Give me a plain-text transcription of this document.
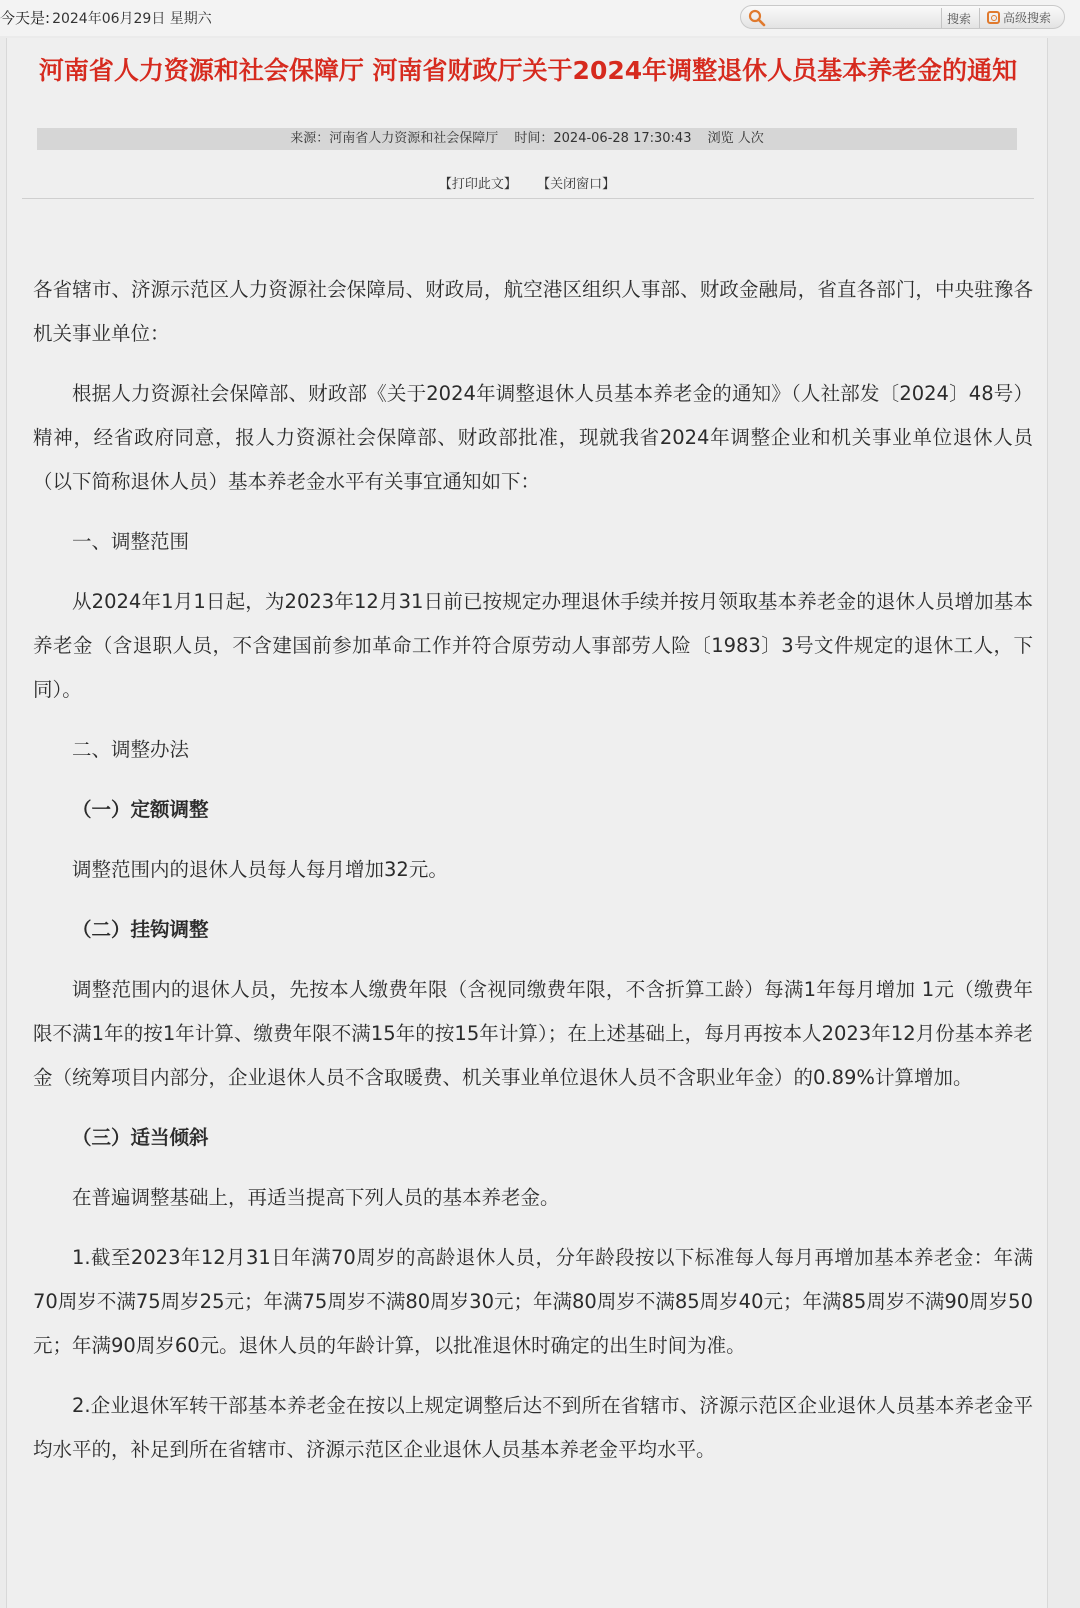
今天是: 2024年06月29日 星期六	搜索	高级搜索
河南省人力资源和社会保障厅 河南省财政厅关于2024年调整退休人员基本养老金的通知
来源：河南省人力资源和社会保障厅 时间：2024-06-28 17:30:43 浏览 人次
【打印此文】 【关闭窗口】

各省辖市、济源示范区人力资源社会保障局、财政局，航空港区组织人事部、财政金融局，省直各部门，中央驻豫各机关事业单位：

根据人力资源社会保障部、财政部《关于2024年调整退休人员基本养老金的通知》（人社部发〔2024〕48号）精神，经省政府同意，报人力资源社会保障部、财政部批准，现就我省2024年调整企业和机关事业单位退休人员（以下简称退休人员）基本养老金水平有关事宜通知如下：

一、调整范围

从2024年1月1日起，为2023年12月31日前已按规定办理退休手续并按月领取基本养老金的退休人员增加基本养老金（含退职人员，不含建国前参加革命工作并符合原劳动人事部劳人险〔1983〕3号文件规定的退休工人，下同）。

二、调整办法

（一）定额调整

调整范围内的退休人员每人每月增加32元。

（二）挂钩调整

调整范围内的退休人员，先按本人缴费年限（含视同缴费年限，不含折算工龄）每满1年每月增加 1元（缴费年限不满1年的按1年计算、缴费年限不满15年的按15年计算）；在上述基础上，每月再按本人2023年12月份基本养老金（统筹项目内部分，企业退休人员不含取暖费、机关事业单位退休人员不含职业年金）的0.89%计算增加。

（三）适当倾斜

在普遍调整基础上，再适当提高下列人员的基本养老金。

1.截至2023年12月31日年满70周岁的高龄退休人员，分年龄段按以下标准每人每月再增加基本养老金：年满70周岁不满75周岁25元；年满75周岁不满80周岁30元；年满80周岁不满85周岁40元；年满85周岁不满90周岁50元；年满90周岁60元。退休人员的年龄计算，以批准退休时确定的出生时间为准。

2.企业退休军转干部基本养老金在按以上规定调整后达不到所在省辖市、济源示范区企业退休人员基本养老金平均水平的，补足到所在省辖市、济源示范区企业退休人员基本养老金平均水平。
